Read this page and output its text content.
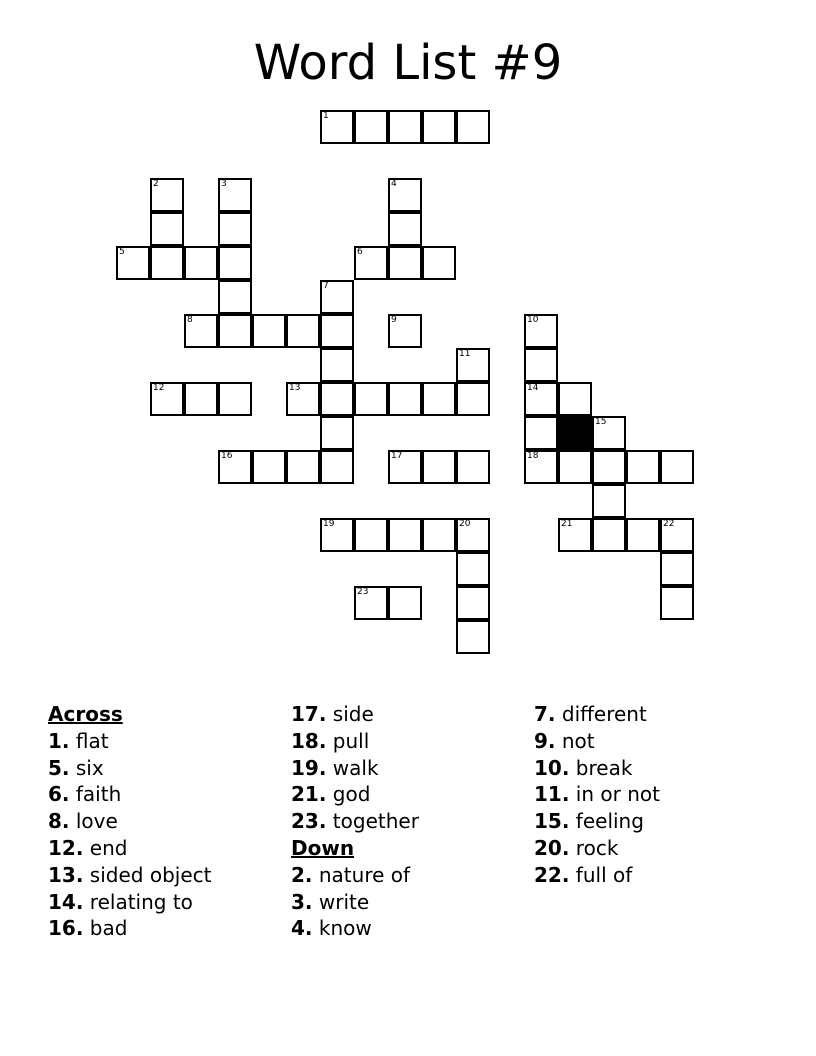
Word List #9
1
2	3	4
5	6
7
8	9	10
11
12	13	14
15
16	17	18
19	20	21	22
23
Across
1. flat
5. six
6. faith
8. love
12. end
13. sided object
14. relating to
16. bad
17. side
18. pull
19. walk
21. god
23. together
Down
2. nature of
3. write
4. know
7. different
9. not
10. break
11. in or not
15. feeling
20. rock
22. full of
